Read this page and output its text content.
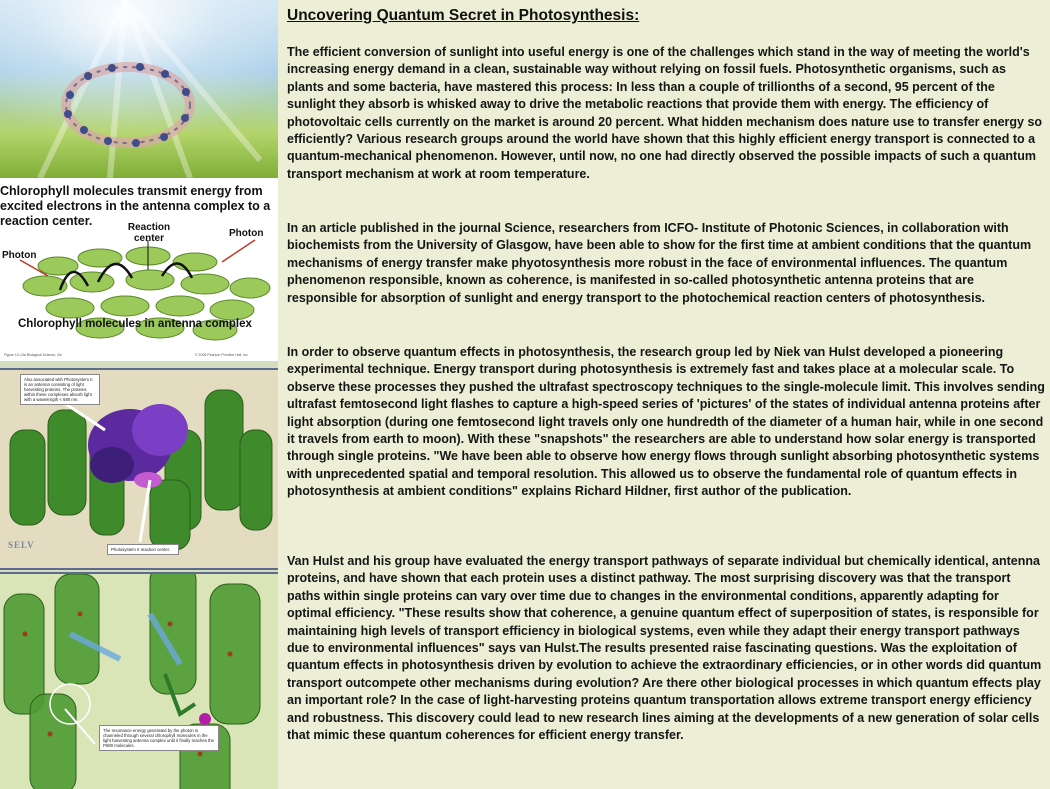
Chlorophyll molecules transmit energy from excited electrons in the antenna complex to a reaction center.
Photon
Reaction center	Photon
Chlorophyll molecules in antenna complex
Figure 10-13a Biological Science, 2/e	© 2005 Pearson Prentice Hall, Inc.
Also associated with Photosystem II is an antenna consisting of light harvesting proteins. The proteins within these complexes absorb light with a wavelength < 680 nm.
Photosystem II reaction center.
SELV
The resonance energy generated by the photon is channeled through several chlorophyll molecules in the light harvesting antenna complex until it finally reaches the P680 molecules.
Uncovering Quantum Secret in Photosynthesis:

The efficient conversion of sunlight into useful energy is one of the challenges which stand in the way of meeting the world's increasing energy demand in a clean, sustainable way without relying on fossil fuels. Photosynthetic organisms, such as plants and some bacteria, have mastered this process: In less than a couple of trillionths of a second, 95 percent of the sunlight they absorb is whisked away to drive the metabolic reactions that provide them with energy. The efficiency of photovoltaic cells currently on the market is around 20 percent. What hidden mechanism does nature use to transfer energy so efficiently? Various research groups around the world have shown that this highly efficient energy transport is connected to a quantum-mechanical phenomenon. However, until now, no one had directly observed the possible impacts of such a quantum transport mechanism at work at room temperature.

In an article published in the journal Science, researchers from ICFO- Institute of Photonic Sciences, in collaboration with biochemists from the University of Glasgow, have been able to show for the first time at ambient conditions that the quantum mechanisms of energy transfer make phyotosynthesis more robust in the face of environmental influences. The quantum phenomenon responsible, known as coherence, is manifested in so-called photosynthetic antenna proteins that are responsible for absorption of sunlight and energy transport to the photochemical reaction centers of photosynthesis.

In order to observe quantum effects in photosynthesis, the research group led by Niek van Hulst developed a pioneering experimental technique. Energy transport during photosynthesis is extremely fast and takes place at a molecular scale. To observe these processes they pushed the ultrafast spectroscopy techniques to the single-molecule limit. This involves sending ultrafast femtosecond light flashes to capture a high-speed series of 'pictures' of the states of individual antenna proteins after light absorption (during one femtosecond light travels only one hundredth of the diameter of a human hair, while in one second it travels from earth to moon). With these "snapshots" the researchers are able to understand how solar energy is transported through single proteins. "We have been able to observe how energy flows through sunlight absorbing photosynthetic systems with unprecedented spatial and temporal resolution. This allowed us to observe the fundamental role of quantum effects in photosynthesis at ambient conditions" explains Richard Hildner, first author of the publication.

Van Hulst and his group have evaluated the energy transport pathways of separate individual but chemically identical, antenna proteins, and have shown that each protein uses a distinct pathway. The most surprising discovery was that the transport paths within single proteins can vary over time due to changes in the environmental conditions, apparently adapting for optimal efficiency. "These results show that coherence, a genuine quantum effect of superposition of states, is responsible for maintaining high levels of transport efficiency in biological systems, even while they adapt their energy transport pathways due to environmental influences" says van Hulst.The results presented raise fascinating questions. Was the exploitation of quantum effects in photosynthesis driven by evolution to achieve the extraordinary efficiencies, or in other words did quantum transport outcompete other mechanisms during evolution? Are there other biological processes in which quantum effects play an important role? In the case of light-harvesting proteins quantum transportation allows extreme transport energy efficiency and robustness. This discovery could lead to new research lines aiming at the developments of a new generation of solar cells that mimic these quantum coherences for efficient energy transfer.
